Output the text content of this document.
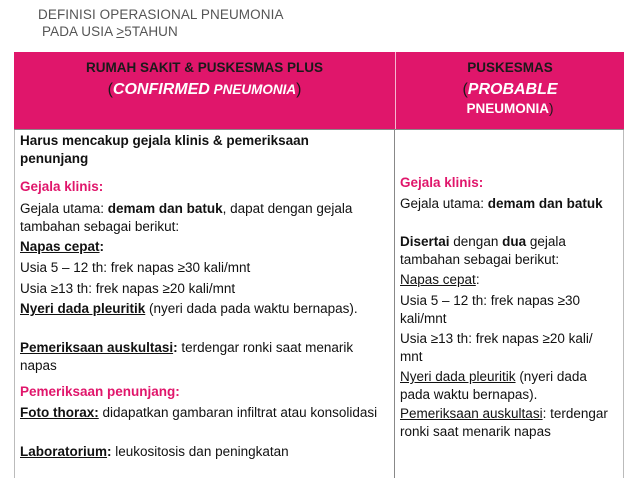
DEFINISI OPERASIONAL PNEUMONIA
PADA USIA >5TAHUN
RUMAH SAKIT & PUSKESMAS PLUS
(CONFIRMED PNEUMONIA)
PUSKESMAS
(PROBABLE
PNEUMONIA)
Harus mencakup gejala klinis & pemeriksaan penunjang
Gejala klinis:
Gejala utama: demam dan batuk, dapat dengan gejala tambahan sebagai berikut:
Napas cepat:
Usia 5 – 12 th: frek napas ≥30 kali/mnt
Usia ≥13 th: frek napas ≥20 kali/mnt
Nyeri dada pleuritik (nyeri dada pada waktu bernapas).
Pemeriksaan auskultasi: terdengar ronki saat menarik napas
Pemeriksaan penunjang:
Foto thorax: didapatkan gambaran infiltrat atau konsolidasi
Laboratorium: leukositosis dan peningkatan
Gejala klinis:
Gejala utama: demam dan batuk
Disertai dengan dua gejala tambahan sebagai berikut:
Napas cepat:
Usia 5 – 12 th: frek napas ≥30 kali/mnt
Usia ≥13 th: frek napas ≥20 kali/ mnt
Nyeri dada pleuritik (nyeri dada pada waktu bernapas).
Pemeriksaan auskultasi: terdengar ronki saat menarik napas
